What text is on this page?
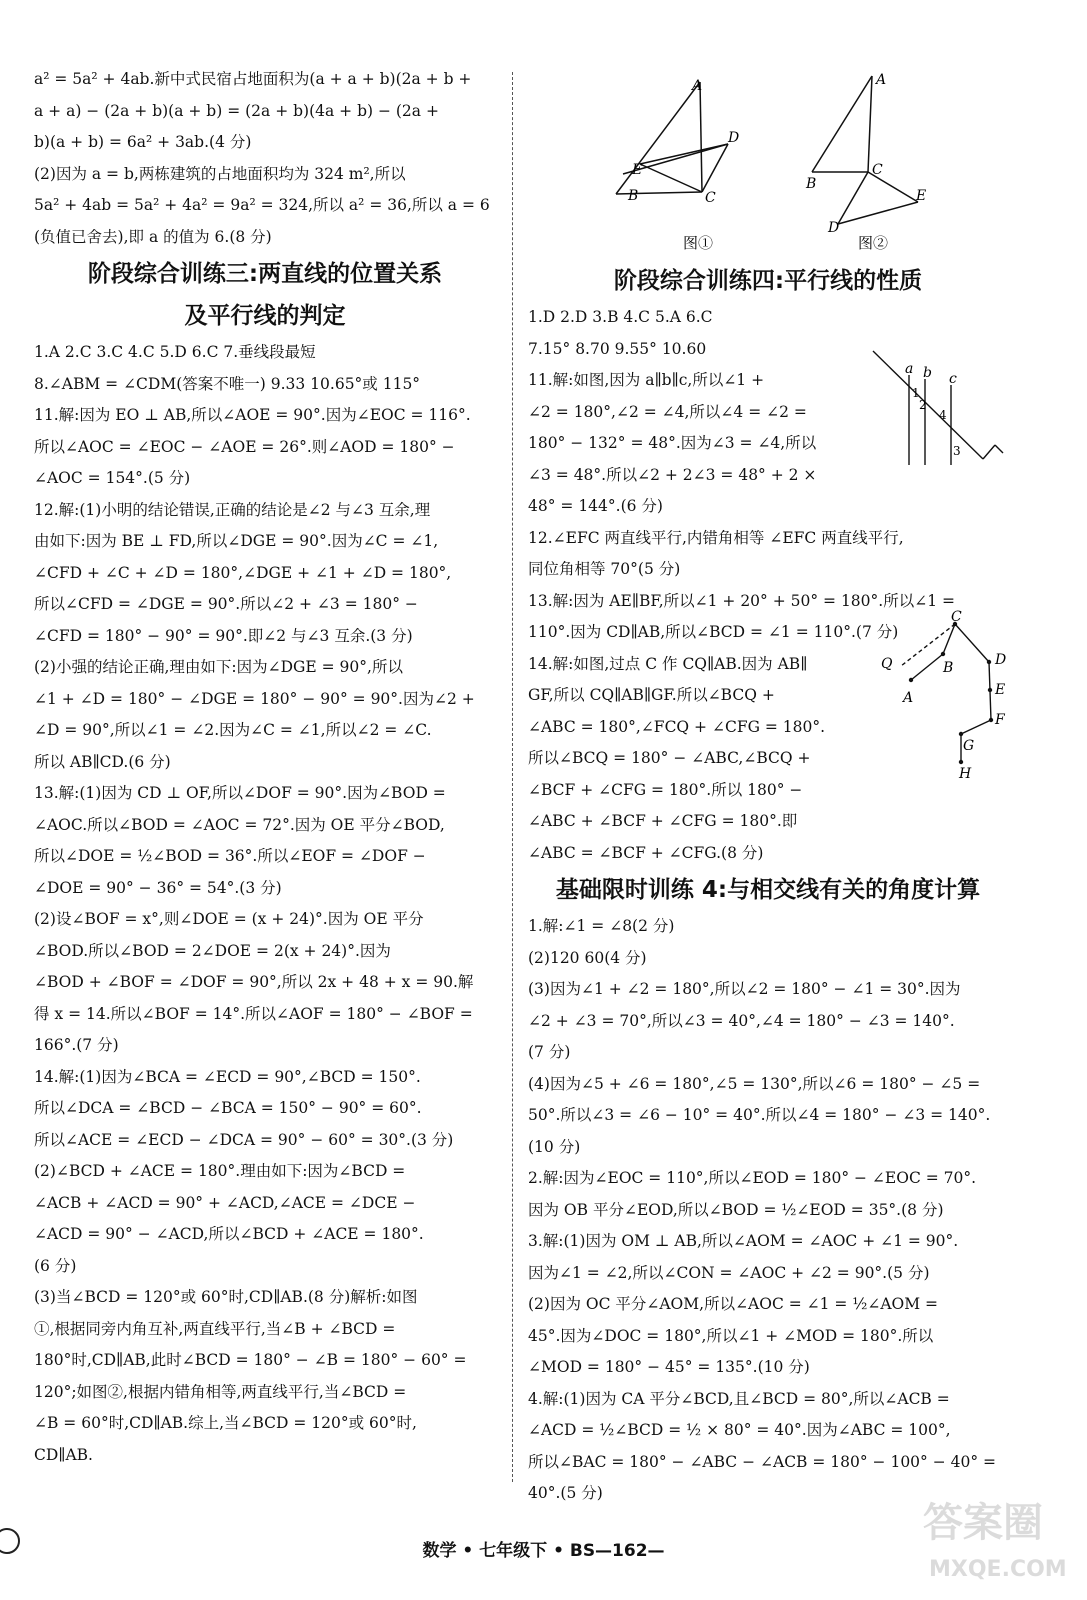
a² = 5a² + 4ab.新中式民宿占地面积为(a + a + b)(2a + b +
a + a) − (2a + b)(a + b) = (2a + b)(4a + b) − (2a +
b)(a + b) = 6a² + 3ab.(4 分)
(2)因为 a = b,两栋建筑的占地面积均为 324 m²,所以
5a² + 4ab = 5a² + 4a² = 9a² = 324,所以 a² = 36,所以 a = 6
(负值已舍去),即 a 的值为 6.(8 分)
阶段综合训练三:两直线的位置关系
及平行线的判定
1.A 2.C 3.C 4.C 5.D 6.C 7.垂线段最短
8.∠ABM = ∠CDM(答案不唯一) 9.33 10.65°或 115°
11.解:因为 EO ⊥ AB,所以∠AOE = 90°.因为∠EOC = 116°.
所以∠AOC = ∠EOC − ∠AOE = 26°.则∠AOD = 180° −
∠AOC = 154°.(5 分)
12.解:(1)小明的结论错误,正确的结论是∠2 与∠3 互余,理
由如下:因为 BE ⊥ FD,所以∠DGE = 90°.因为∠C = ∠1,
∠CFD + ∠C + ∠D = 180°,∠DGE + ∠1 + ∠D = 180°,
所以∠CFD = ∠DGE = 90°.所以∠2 + ∠3 = 180° −
∠CFD = 180° − 90° = 90°.即∠2 与∠3 互余.(3 分)
(2)小强的结论正确,理由如下:因为∠DGE = 90°,所以
∠1 + ∠D = 180° − ∠DGE = 180° − 90° = 90°.因为∠2 +
∠D = 90°,所以∠1 = ∠2.因为∠C = ∠1,所以∠2 = ∠C.
所以 AB∥CD.(6 分)
13.解:(1)因为 CD ⊥ OF,所以∠DOF = 90°.因为∠BOD =
∠AOC.所以∠BOD = ∠AOC = 72°.因为 OE 平分∠BOD,
所以∠DOE = ½∠BOD = 36°.所以∠EOF = ∠DOF −
∠DOE = 90° − 36° = 54°.(3 分)
(2)设∠BOF = x°,则∠DOE = (x + 24)°.因为 OE 平分
∠BOD.所以∠BOD = 2∠DOE = 2(x + 24)°.因为
∠BOD + ∠BOF = ∠DOF = 90°,所以 2x + 48 + x = 90.解
得 x = 14.所以∠BOF = 14°.所以∠AOF = 180° − ∠BOF =
166°.(7 分)
14.解:(1)因为∠BCA = ∠ECD = 90°,∠BCD = 150°.
所以∠DCA = ∠BCD − ∠BCA = 150° − 90° = 60°.
所以∠ACE = ∠ECD − ∠DCA = 90° − 60° = 30°.(3 分)
(2)∠BCD + ∠ACE = 180°.理由如下:因为∠BCD =
∠ACB + ∠ACD = 90° + ∠ACD,∠ACE = ∠DCE −
∠ACD = 90° − ∠ACD,所以∠BCD + ∠ACE = 180°.
(6 分)
(3)当∠BCD = 120°或 60°时,CD∥AB.(8 分)解析:如图
①,根据同旁内角互补,两直线平行,当∠B + ∠BCD =
180°时,CD∥AB,此时∠BCD = 180° − ∠B = 180° − 60° =
120°;如图②,根据内错角相等,两直线平行,当∠BCD =
∠B = 60°时,CD∥AB.综上,当∠BCD = 120°或 60°时,
CD∥AB.
A
D
E
B	C
A
B
C
E
D
图①	图②
阶段综合训练四:平行线的性质
1.D 2.D 3.B 4.C 5.A 6.C
7.15° 8.70 9.55° 10.60
11.解:如图,因为 a∥b∥c,所以∠1 +
∠2 = 180°,∠2 = ∠4,所以∠4 = ∠2 =
180° − 132° = 48°.因为∠3 = ∠4,所以
∠3 = 48°.所以∠2 + 2∠3 = 48° + 2 ×
48° = 144°.(6 分)
12.∠EFC 两直线平行,内错角相等 ∠EFC 两直线平行,
同位角相等 70°(5 分)
13.解:因为 AE∥BF,所以∠1 + 20° + 50° = 180°.所以∠1 =
110°.因为 CD∥AB,所以∠BCD = ∠1 = 110°.(7 分)
14.解:如图,过点 C 作 CQ∥AB.因为 AB∥
GF,所以 CQ∥AB∥GF.所以∠BCQ +
∠ABC = 180°,∠FCQ + ∠CFG = 180°.
所以∠BCQ = 180° − ∠ABC,∠BCQ +
∠BCF + ∠CFG = 180°.所以 180° −
∠ABC + ∠BCF + ∠CFG = 180°.即
∠ABC = ∠BCF + ∠CFG.(8 分)
基础限时训练 4:与相交线有关的角度计算
1.解:∠1 = ∠8(2 分)
(2)120 60(4 分)
(3)因为∠1 + ∠2 = 180°,所以∠2 = 180° − ∠1 = 30°.因为
∠2 + ∠3 = 70°,所以∠3 = 40°,∠4 = 180° − ∠3 = 140°.
(7 分)
(4)因为∠5 + ∠6 = 180°,∠5 = 130°,所以∠6 = 180° − ∠5 =
50°.所以∠3 = ∠6 − 10° = 40°.所以∠4 = 180° − ∠3 = 140°.
(10 分)
2.解:因为∠EOC = 110°,所以∠EOD = 180° − ∠EOC = 70°.
因为 OB 平分∠EOD,所以∠BOD = ½∠EOD = 35°.(8 分)
3.解:(1)因为 OM ⊥ AB,所以∠AOM = ∠AOC + ∠1 = 90°.
因为∠1 = ∠2,所以∠CON = ∠AOC + ∠2 = 90°.(5 分)
(2)因为 OC 平分∠AOM,所以∠AOC = ∠1 = ½∠AOM =
45°.因为∠DOC = 180°,所以∠1 + ∠MOD = 180°.所以
∠MOD = 180° − 45° = 135°.(10 分)
4.解:(1)因为 CA 平分∠BCD,且∠BCD = 80°,所以∠ACB =
∠ACD = ½∠BCD = ½ × 80° = 40°.因为∠ABC = 100°,
所以∠BAC = 180° − ∠ABC − ∠ACB = 180° − 100° − 40° =
40°.(5 分)
a b c
1
2
4
3
C
Q	B
A
D
E
F
G
H
数学 • 七年级下 • BS—162—
答案圈
MXQE.COM
